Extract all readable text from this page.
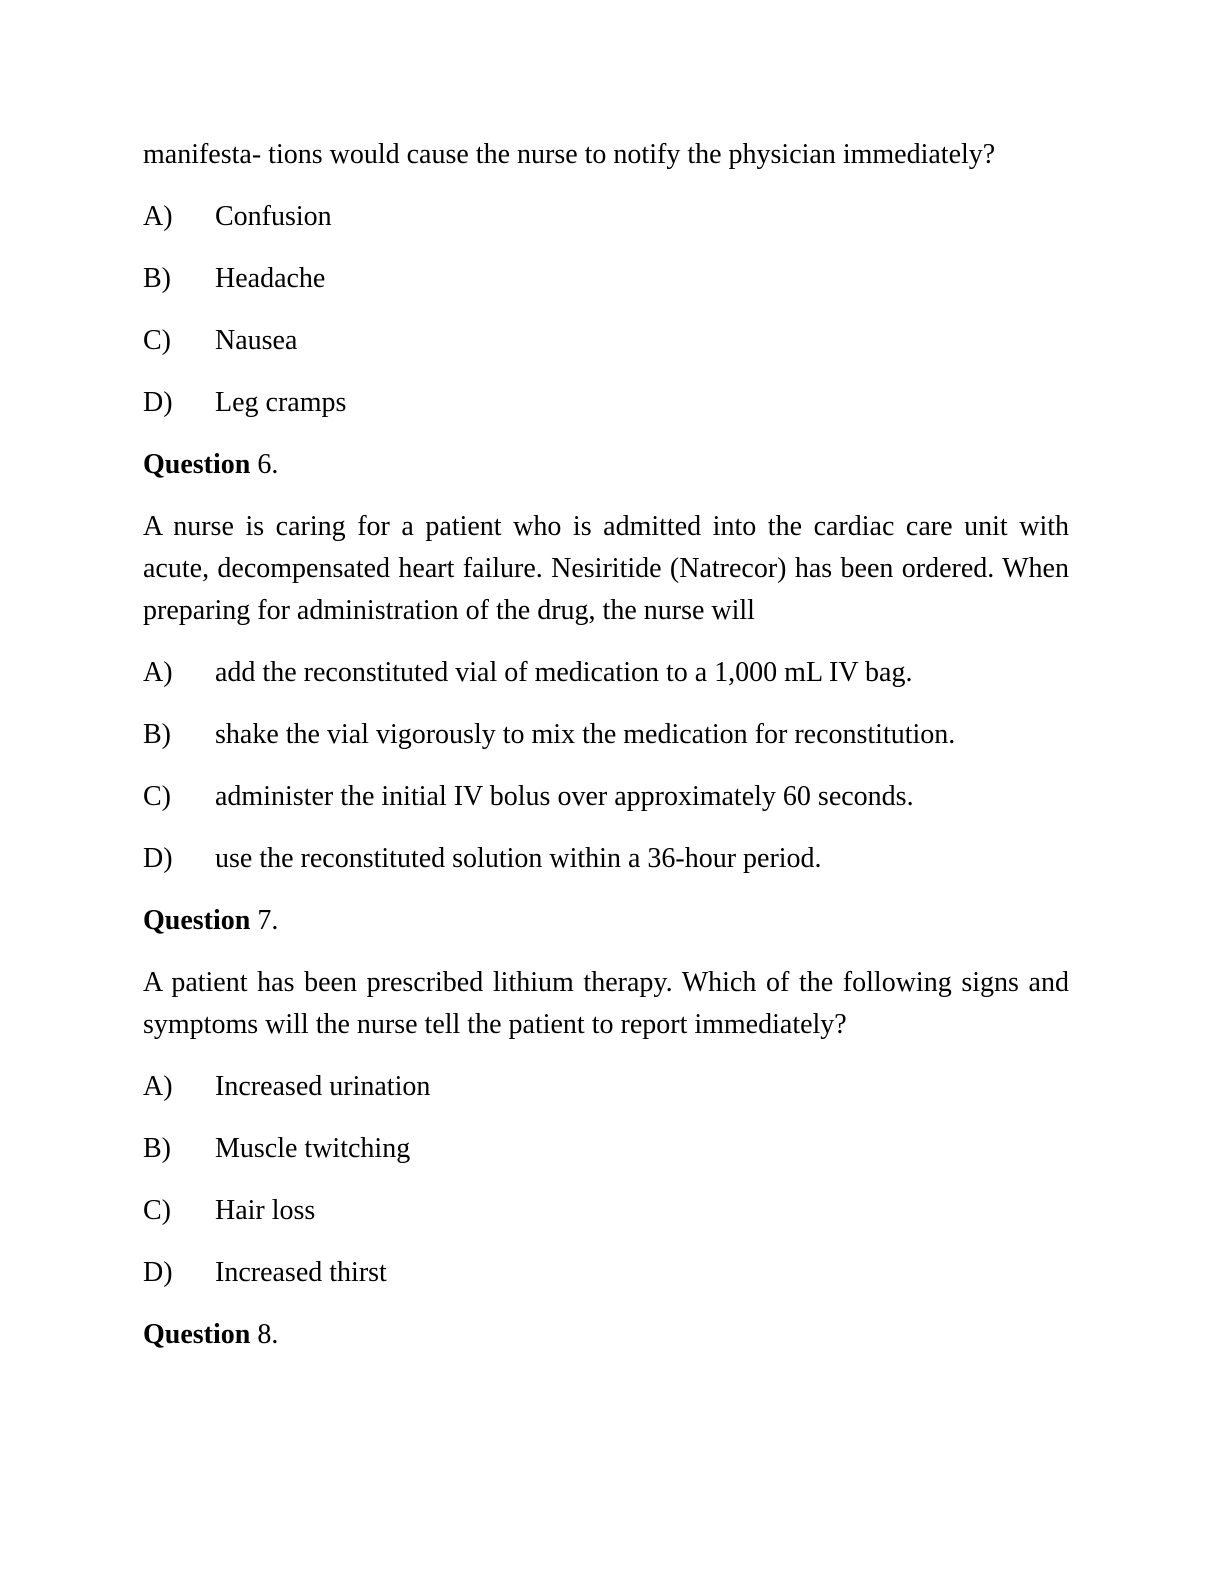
manifesta- tions would cause the nurse to notify the physician immediately?

A)	Confusion
B)	Headache
C)	Nausea
D)	Leg cramps

Question 6.

A nurse is caring for a patient who is admitted into the cardiac care unit with acute, decompensated heart failure. Nesiritide (Natrecor) has been ordered. When preparing for administration of the drug, the nurse will

A)	add the reconstituted vial of medication to a 1,000 mL IV bag.
B)	shake the vial vigorously to mix the medication for reconstitution.
C)	administer the initial IV bolus over approximately 60 seconds.
D)	use the reconstituted solution within a 36-hour period.

Question 7.

A patient has been prescribed lithium therapy. Which of the following signs and symptoms will the nurse tell the patient to report immediately?

A)	Increased urination
B)	Muscle twitching
C)	Hair loss
D)	Increased thirst

Question 8.
